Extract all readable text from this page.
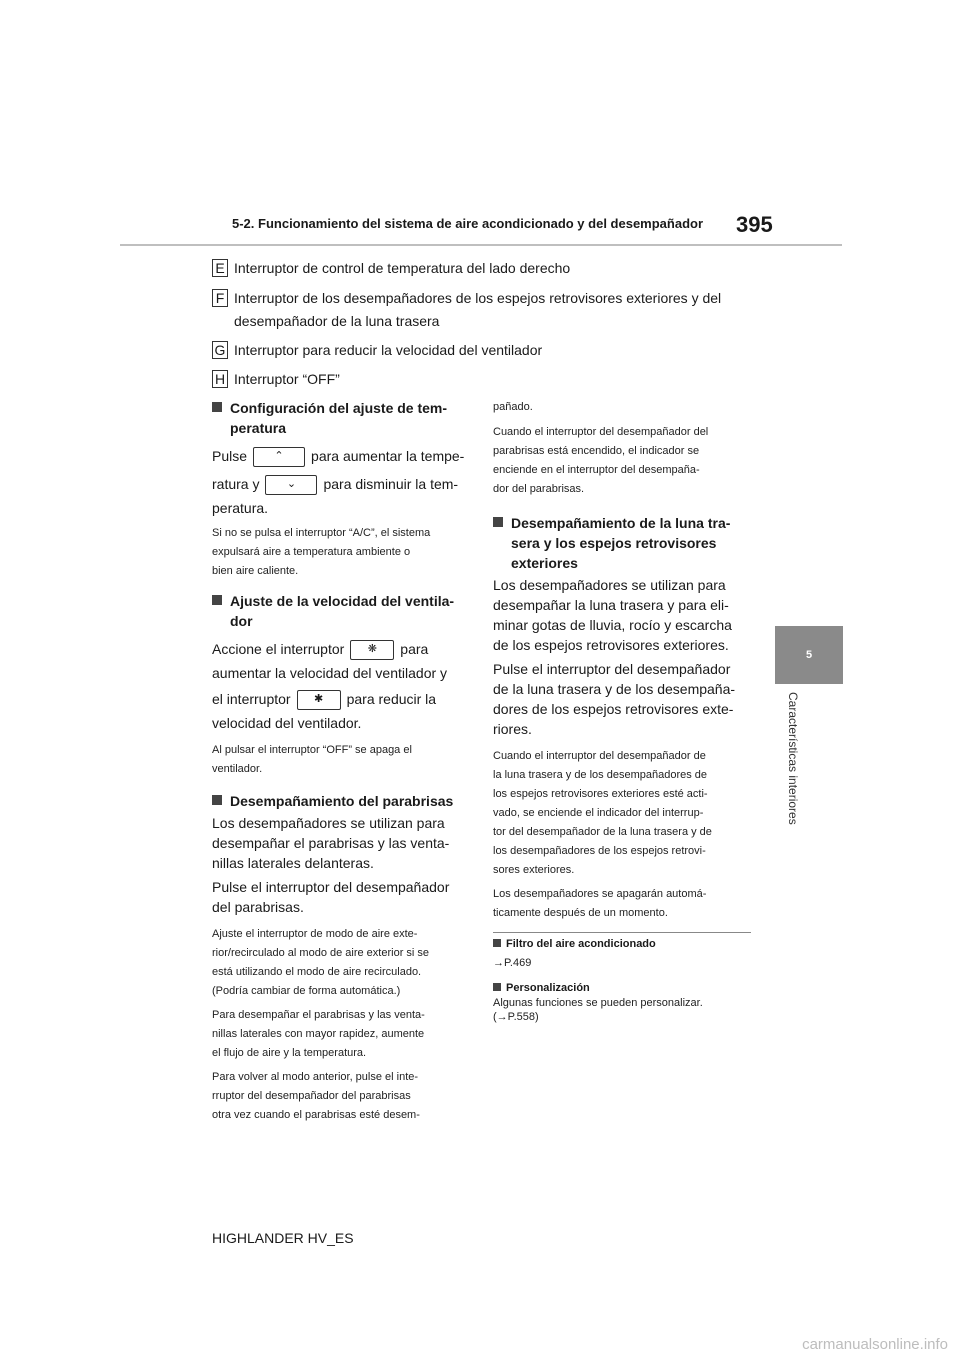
5-2. Funcionamiento del sistema de aire acondicionado y del desempañador 395
5
Características interiores
E Interruptor de control de temperatura del lado derecho
F Interruptor de los desempañadores de los espejos retrovisores exteriores y del
desempañador de la luna trasera
G Interruptor para reducir la velocidad del ventilador
H Interruptor “OFF”
Configuración del ajuste de tem-
peratura
Pulse ⌃ para aumentar la tempe-

ratura y ⌄ para disminuir la tem-
peratura.
Si no se pulsa el interruptor “A/C”, el sistema
expulsará aire a temperatura ambiente o
bien aire caliente.
Ajuste de la velocidad del ventila-
dor
Accione el interruptor ❋ para
aumentar la velocidad del ventilador y

el interruptor ✱ para reducir la
velocidad del ventilador.
Al pulsar el interruptor “OFF” se apaga el
ventilador.
Desempañamiento del parabrisas
Los desempañadores se utilizan para
desempañar el parabrisas y las venta-
nillas laterales delanteras.
Pulse el interruptor del desempañador
del parabrisas.
Ajuste el interruptor de modo de aire exte-
rior/recirculado al modo de aire exterior si se
está utilizando el modo de aire recirculado.
(Podría cambiar de forma automática.)
Para desempañar el parabrisas y las venta-
nillas laterales con mayor rapidez, aumente
el flujo de aire y la temperatura.
Para volver al modo anterior, pulse el inte-
rruptor del desempañador del parabrisas
otra vez cuando el parabrisas esté desem-
pañado.
Cuando el interruptor del desempañador del
parabrisas está encendido, el indicador se
enciende en el interruptor del desempaña-
dor del parabrisas.
Desempañamiento de la luna tra-
sera y los espejos retrovisores
exteriores
Los desempañadores se utilizan para
desempañar la luna trasera y para eli-
minar gotas de lluvia, rocío y escarcha
de los espejos retrovisores exteriores.
Pulse el interruptor del desempañador
de la luna trasera y de los desempaña-
dores de los espejos retrovisores exte-
riores.
Cuando el interruptor del desempañador de
la luna trasera y de los desempañadores de
los espejos retrovisores exteriores esté acti-
vado, se enciende el indicador del interrup-
tor del desempañador de la luna trasera y de
los desempañadores de los espejos retrovi-
sores exteriores.
Los desempañadores se apagarán automá-
ticamente después de un momento.
Filtro del aire acondicionado
→P.469
Personalización
Algunas funciones se pueden personalizar.
(→P.558)
HIGHLANDER HV_ES
carmanualsonline.info
